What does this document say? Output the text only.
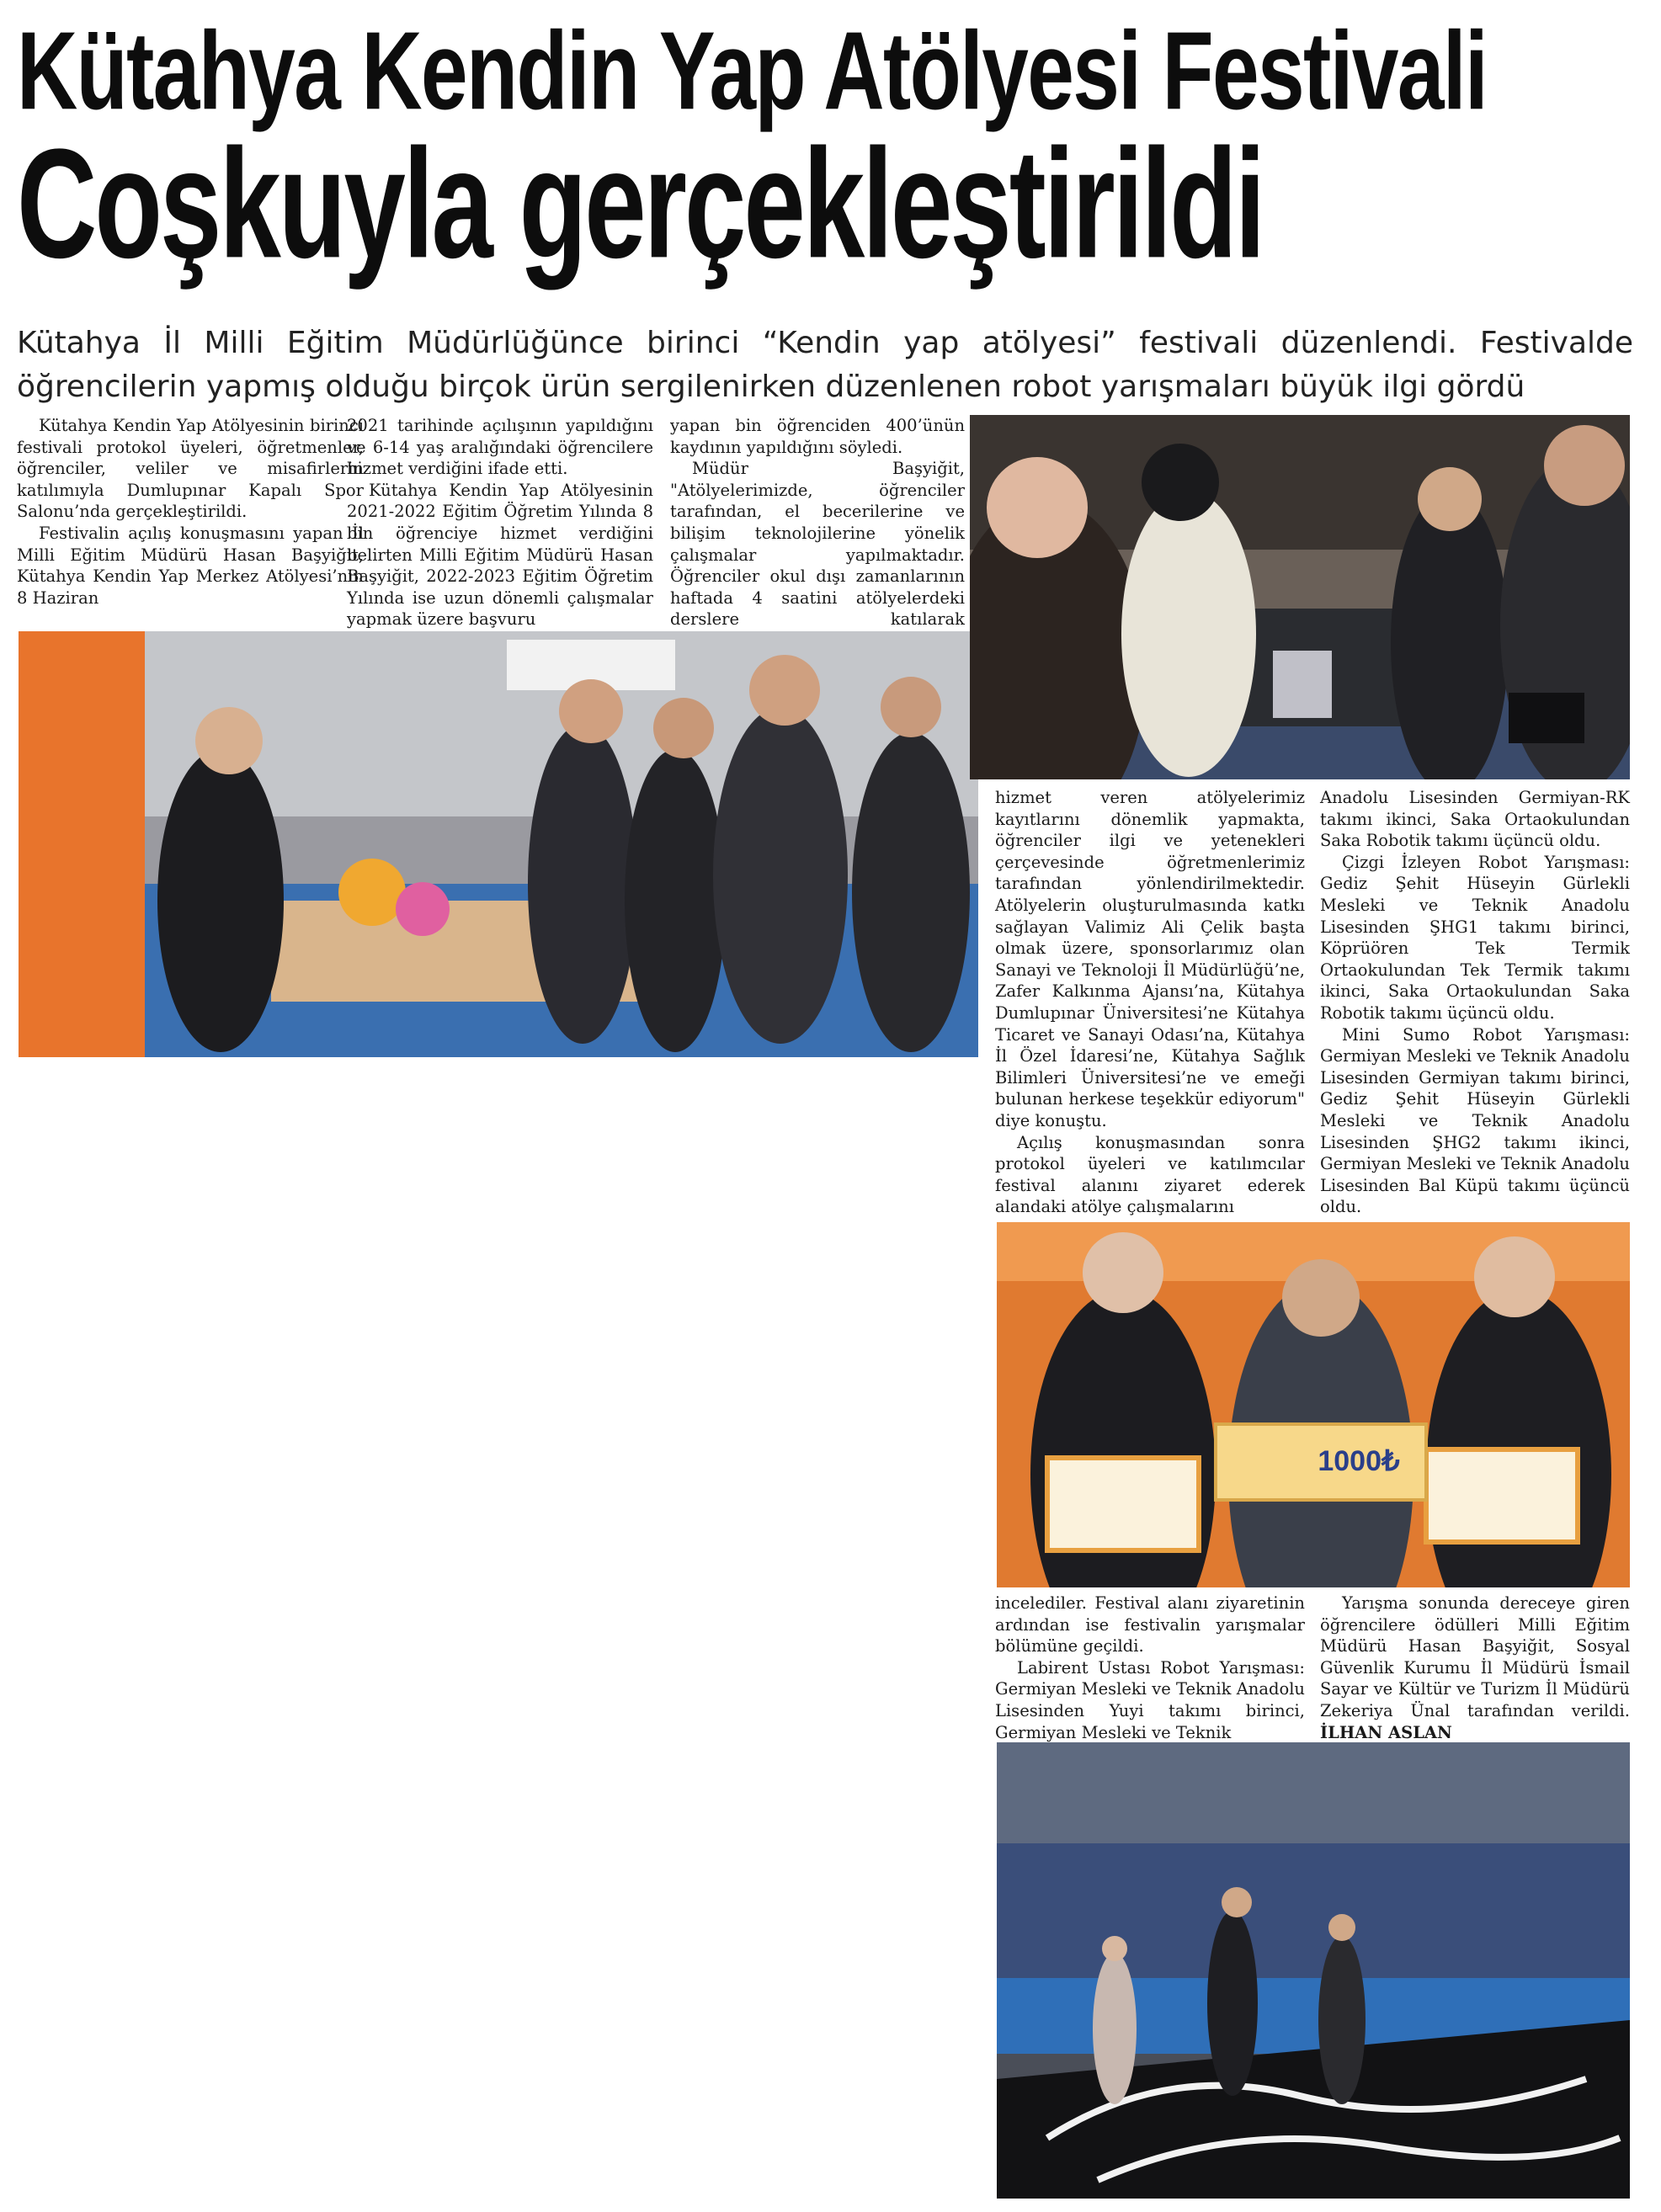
Kütahya Kendin Yap Atölyesi Festivali
Coşkuyla gerçekleştirildi

Kütahya İl Milli Eğitim Müdürlüğünce birinci “Kendin yap atölyesi” festivali düzenlendi. Festivalde öğrencilerin yapmış olduğu birçok ürün sergilenirken düzenlenen robot yarışmaları büyük ilgi gördü

Kütahya Kendin Yap Atölyesinin birinci festivali protokol üyeleri, öğretmenler, öğrenciler, veliler ve misafirlerin katılımıyla Dumlupınar Kapalı Spor Salonu’nda gerçekleştirildi.

Festivalin açılış konuşmasını yapan İl Milli Eğitim Müdürü Hasan Başyiğit, Kütahya Kendin Yap Merkez Atölyesi’nin 8 Haziran

2021 tarihinde açılışının yapıldığını ve 6-14 yaş aralığındaki öğrencilere hizmet verdiğini ifade etti.

Kütahya Kendin Yap Atölyesinin 2021-2022 Eğitim Öğretim Yılında 8 bin öğrenciye hizmet verdiğini belirten Milli Eğitim Müdürü Hasan Başyiğit, 2022-2023 Eğitim Öğretim Yılında ise uzun dönemli çalışmalar yapmak üzere başvuru

yapan bin öğrenciden 400’ünün kaydının yapıldığını söyledi.

Müdür Başyiğit, "Atölyelerimizde, öğrenciler tarafından, el becerilerine ve bilişim teknolojilerine yönelik çalışmalar yapılmaktadır. Öğrenciler okul dışı zamanlarının haftada 4 saatini atölyelerdeki derslere katılarak

hizmet veren atölyelerimiz kayıtlarını dönemlik yapmakta, öğrenciler ilgi ve yetenekleri çerçevesinde öğretmenlerimiz tarafından yönlendirilmektedir. Atölyelerin oluşturulmasında katkı sağlayan Valimiz Ali Çelik başta olmak üzere, sponsorlarımız olan Sanayi ve Teknoloji İl Müdürlüğü’ne, Zafer Kalkınma Ajansı’na, Kütahya Dumlupınar Üniversitesi’ne Kütahya Ticaret ve Sanayi Odası’na, Kütahya İl Özel İdaresi’ne, Kütahya Sağlık Bilimleri Üniversitesi’ne ve emeği bulunan herkese teşekkür ediyorum" diye konuştu.

Açılış konuşmasından sonra protokol üyeleri ve katılımcılar festival alanını ziyaret ederek alandaki atölye çalışmalarını

Anadolu Lisesinden Germiyan-RK takımı ikinci, Saka Ortaokulundan Saka Robotik takımı üçüncü oldu.

Çizgi İzleyen Robot Yarışması: Gediz Şehit Hüseyin Gürlekli Mesleki ve Teknik Anadolu Lisesinden ŞHG1 takımı birinci, Köprüören Tek Termik Ortaokulundan Tek Termik takımı ikinci, Saka Ortaokulundan Saka Robotik takımı üçüncü oldu.

Mini Sumo Robot Yarışması: Germiyan Mesleki ve Teknik Anadolu Lisesinden Germiyan takımı birinci, Gediz Şehit Hüseyin Gürlekli Mesleki ve Teknik Anadolu Lisesinden ŞHG2 takımı ikinci, Germiyan Mesleki ve Teknik Anadolu Lisesinden Bal Küpü takımı üçüncü oldu.

1000₺

incelediler. Festival alanı ziyaretinin ardından ise festivalin yarışmalar bölümüne geçildi.

Labirent Ustası Robot Yarışması: Germiyan Mesleki ve Teknik Anadolu Lisesinden Yuyi takımı birinci, Germiyan Mesleki ve Teknik

Yarışma sonunda dereceye giren öğrencilere ödülleri Milli Eğitim Müdürü Hasan Başyiğit, Sosyal Güvenlik Kurumu İl Müdürü İsmail Sayar ve Kültür ve Turizm İl Müdürü Zekeriya Ünal tarafından verildi. İLHAN ASLAN
